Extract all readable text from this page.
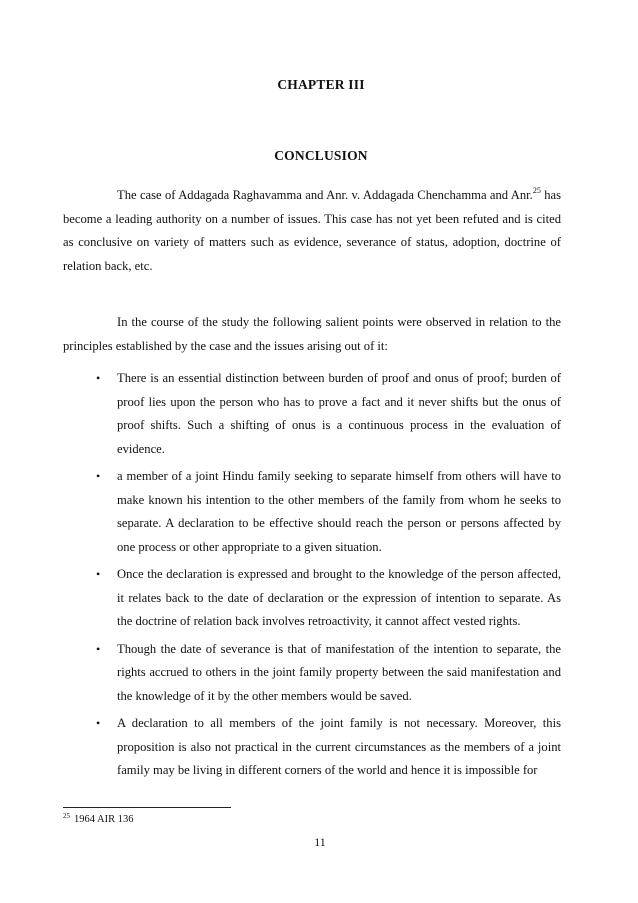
CHAPTER III
CONCLUSION

The case of Addagada Raghavamma and Anr. v. Addagada Chenchamma and Anr.$^{25}$ has become a leading authority on a number of issues. This case has not yet been refuted and is cited as conclusive on variety of matters such as evidence, severance of status, adoption, doctrine of relation back, etc.

In the course of the study the following salient points were observed in relation to the principles established by the case and the issues arising out of it:

• There is an essential distinction between burden of proof and onus of proof; burden of proof lies upon the person who has to prove a fact and it never shifts but the onus of proof shifts. Such a shifting of onus is a continuous process in the evaluation of evidence.
• a member of a joint Hindu family seeking to separate himself from others will have to make known his intention to the other members of the family from whom he seeks to separate. A declaration to be effective should reach the person or persons affected by one process or other appropriate to a given situation.
• Once the declaration is expressed and brought to the knowledge of the person affected, it relates back to the date of declaration or the expression of intention to separate. As the doctrine of relation back involves retroactivity, it cannot affect vested rights.
• Though the date of severance is that of manifestation of the intention to separate, the rights accrued to others in the joint family property between the said manifestation and the knowledge of it by the other members would be saved.
• A declaration to all members of the joint family is not necessary. Moreover, this proposition is also not practical in the current circumstances as the members of a joint family may be living in different corners of the world and hence it is impossible for
$^{25}$ 1964 AIR 136
11
